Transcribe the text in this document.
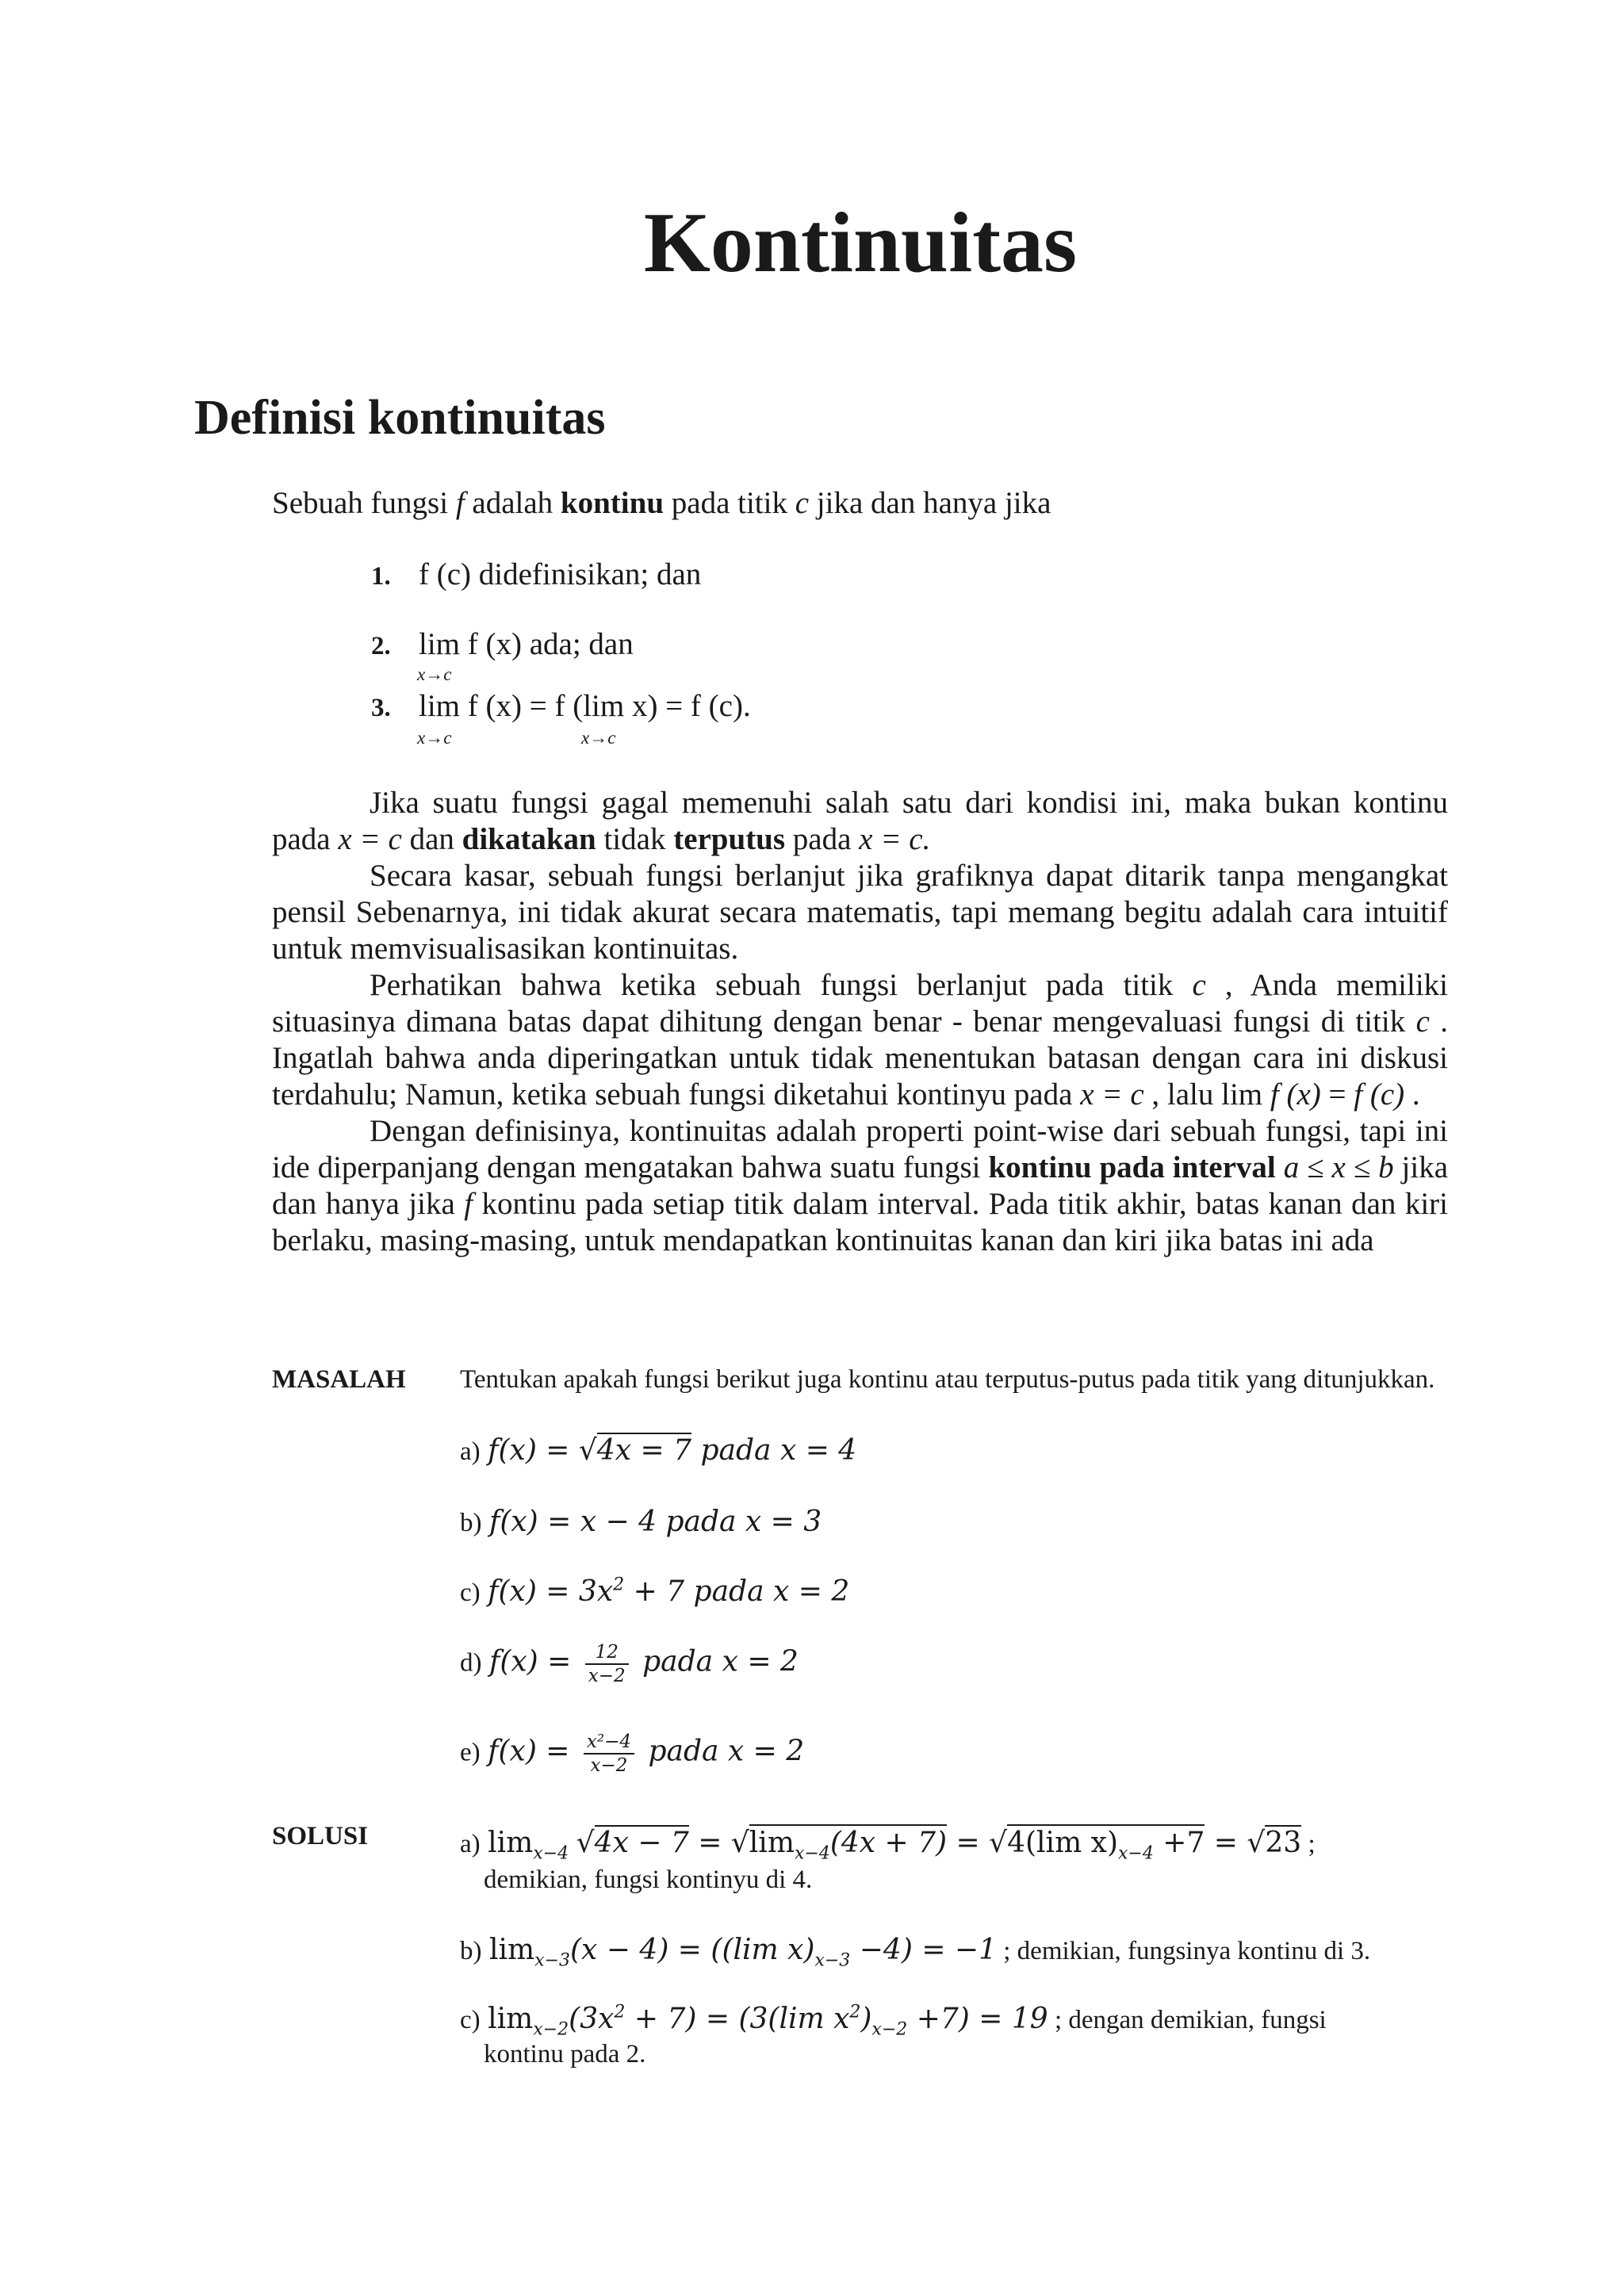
Kontinuitas
Definisi kontinuitas
Sebuah fungsi f adalah kontinu pada titik c jika dan hanya jika
1. f (c) didefinisikan; dan
2. lim f (x) ada; dan
x→c
3. lim f (x) = f (lim x) = f (c).
x→c	x→c

Jika suatu fungsi gagal memenuhi salah satu dari kondisi ini, maka bukan kontinu pada x = c dan dikatakan tidak terputus pada x = c.

Secara kasar, sebuah fungsi berlanjut jika grafiknya dapat ditarik tanpa mengangkat pensil Sebenarnya, ini tidak akurat secara matematis, tapi memang begitu adalah cara intuitif untuk memvisualisasikan kontinuitas.

Perhatikan bahwa ketika sebuah fungsi berlanjut pada titik c , Anda memiliki situasinya dimana batas dapat dihitung dengan benar - benar mengevaluasi fungsi di titik c . Ingatlah bahwa anda diperingatkan untuk tidak menentukan batasan dengan cara ini diskusi terdahulu; Namun, ketika sebuah fungsi diketahui kontinyu pada x = c , lalu lim f (x) = f (c) .

Dengan definisinya, kontinuitas adalah properti point-wise dari sebuah fungsi, tapi ini ide diperpanjang dengan mengatakan bahwa suatu fungsi kontinu pada interval a ≤ x ≤ b jika dan hanya jika f kontinu pada setiap titik dalam interval. Pada titik akhir, batas kanan dan kiri berlaku, masing-masing, untuk mendapatkan kontinuitas kanan dan kiri jika batas ini ada

MASALAH Tentukan apakah fungsi berikut juga kontinu atau terputus-putus pada titik yang ditunjukkan.
a) f(x) = √4x = 7 pada x = 4
b) f(x) = x − 4 pada x = 3
c) $f(x) = 3x^2 + 7$ pada x = 2
d) $f(x) = \frac{12}{x-2}$ pada x = 2
e) $f(x) = \frac{\text{x²−4}}{x-2}$ pada x = 2
SOLUSI	a) $\lim_{x-4} √4x - 7 = √\lim_{x-4}(4x + 7) = √4(\lim$ $x)_{x-4} +7 = √23$ ;
demikian, fungsi kontinyu di 4.
b) $\lim_{x-3}(x - 4) = ((\lim$ $x)_{x-3} -4) = -1$ ; demikian, fungsinya kontinu di 3.
c) $\lim_{x-2}(3x^2 + 7) = (3(\lim$ $x^2)_{x-2} +7) = 19$ ; dengan demikian, fungsi
kontinu pada 2.
